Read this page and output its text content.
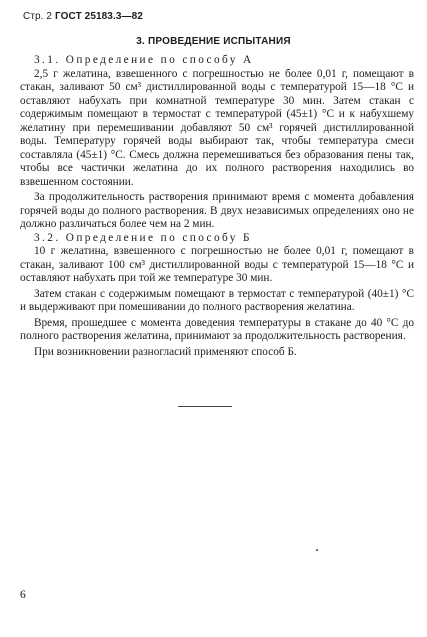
Стр. 2 ГОСТ 25183.3—82
3. ПРОВЕДЕНИЕ ИСПЫТАНИЯ

3.1. Определение по способу А

2,5 г желатина, взвешенного с погрешностью не более 0,01 г, помещают в стакан, заливают 50 см³ дистиллированной воды с температурой 15—18 °С и оставляют набухать при комнатной температуре 30 мин. Затем стакан с содержимым помещают в термостат с температурой (45±1) °С и к набухшему желатину при перемешивании добавляют 50 см³ горячей дистиллированной воды. Температуру горячей воды выбирают так, чтобы температура смеси составляла (45±1) °С. Смесь должна перемешиваться без образования пены так, чтобы все частички желатина до их полного растворения находились во взвешенном состоянии.

За продолжительность растворения принимают время с момента добавления горячей воды до полного растворения. В двух независимых определениях оно не должно различаться более чем на 2 мин.

3.2. Определение по способу Б

10 г желатина, взвешенного с погрешностью не более 0,01 г, помещают в стакан, заливают 100 см³ дистиллированной воды с температурой 15—18 °С и оставляют набухать при той же температуре 30 мин.

Затем стакан с содержимым помещают в термостат с температурой (40±1) °С и выдерживают при помешивании до полного растворения желатина.

Время, прошедшее с момента доведения температуры в стакане до 40 °С до полного растворения желатина, принимают за продолжительность растворения.

При возникновении разногласий применяют способ Б.

6
